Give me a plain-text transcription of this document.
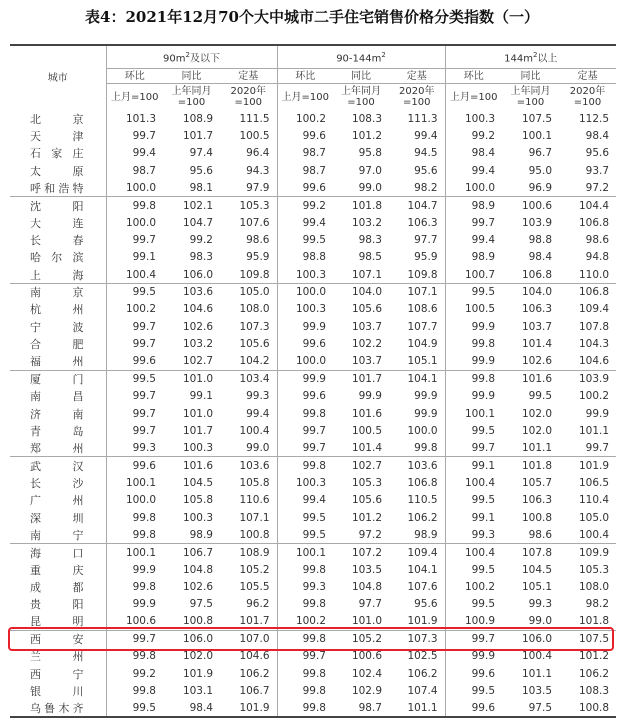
表4：2021年12月70个大中城市二手住宅销售价格分类指数（一）
城市	$90m^2$及以下			$90-144m^2$			$144m^2$以上		
	环比	同比	定基	环比	同比	定基	环比	同比	定基
	上月=100	上年同月=100	2020年=100	上月=100	上年同月=100	2020年=100	上月=100	上年同月=100	2020年=100
北京	101.3	108.9	111.5	100.2	108.3	111.3	100.3	107.5	112.5
天津	99.7	101.7	100.5	99.6	101.2	99.4	99.2	100.1	98.4
石家庄	99.4	97.4	96.4	98.7	95.8	94.5	98.4	96.7	95.6
太原	98.7	95.6	94.3	98.7	97.0	95.6	99.4	95.0	93.7
呼和浩特	100.0	98.1	97.9	99.6	99.0	98.2	100.0	96.9	97.2
沈阳	99.8	102.1	105.3	99.2	101.8	104.7	98.9	100.6	104.4
大连	100.0	104.7	107.6	99.4	103.2	106.3	99.7	103.9	106.8
长春	99.7	99.2	98.6	99.5	98.3	97.7	99.4	98.8	98.6
哈尔滨	99.1	98.3	95.9	98.8	98.5	95.9	98.9	98.4	94.8
上海	100.4	106.0	109.8	100.3	107.1	109.8	100.7	106.8	110.0
南京	99.5	103.6	105.0	100.0	104.0	107.1	99.5	104.0	106.8
杭州	100.2	104.6	108.0	100.3	105.6	108.6	100.5	106.3	109.4
宁波	99.7	102.6	107.3	99.9	103.7	107.7	99.9	103.7	107.8
合肥	99.7	103.2	105.6	99.6	102.2	104.9	99.8	101.4	104.3
福州	99.6	102.7	104.2	100.0	103.7	105.1	99.9	102.6	104.6
厦门	99.5	101.0	103.4	99.9	101.7	104.1	99.8	101.6	103.9
南昌	99.7	99.1	99.3	99.6	99.9	99.9	99.9	99.5	100.2
济南	99.7	101.0	99.4	99.8	101.6	99.9	100.1	102.0	99.9
青岛	99.7	101.7	100.4	99.7	100.5	100.0	99.5	102.0	101.1
郑州	99.3	100.3	99.0	99.7	101.4	99.8	99.7	101.1	99.7
武汉	99.6	101.6	103.6	99.8	102.7	103.6	99.1	101.8	101.9
长沙	100.1	104.5	105.8	100.3	105.3	106.8	100.4	105.7	106.5
广州	100.0	105.8	110.6	99.4	105.6	110.5	99.5	106.3	110.4
深圳	99.8	100.3	107.1	99.5	101.2	106.2	99.1	100.8	105.0
南宁	99.8	98.9	100.8	99.5	97.2	98.9	99.3	98.6	100.4
海口	100.1	106.7	108.9	100.1	107.2	109.4	100.4	107.8	109.9
重庆	99.9	104.8	105.2	99.8	103.5	104.1	99.5	104.5	105.3
成都	99.8	102.6	105.5	99.3	104.8	107.6	100.2	105.1	108.0
贵阳	99.9	97.5	96.2	99.8	97.7	95.6	99.5	99.3	98.2
昆明	100.6	100.8	101.7	100.2	101.0	101.9	100.9	99.0	101.8
西安	99.7	106.0	107.0	99.8	105.2	107.3	99.7	106.0	107.5
兰州	99.8	102.0	104.6	99.7	100.6	102.5	99.9	100.4	101.2
西宁	99.2	101.9	106.2	99.8	102.4	106.2	99.6	101.1	106.2
银川	99.8	103.1	106.7	99.8	102.9	107.4	99.5	103.5	108.3
乌鲁木齐	99.5	98.4	101.9	99.8	98.7	101.1	99.6	97.5	100.8
